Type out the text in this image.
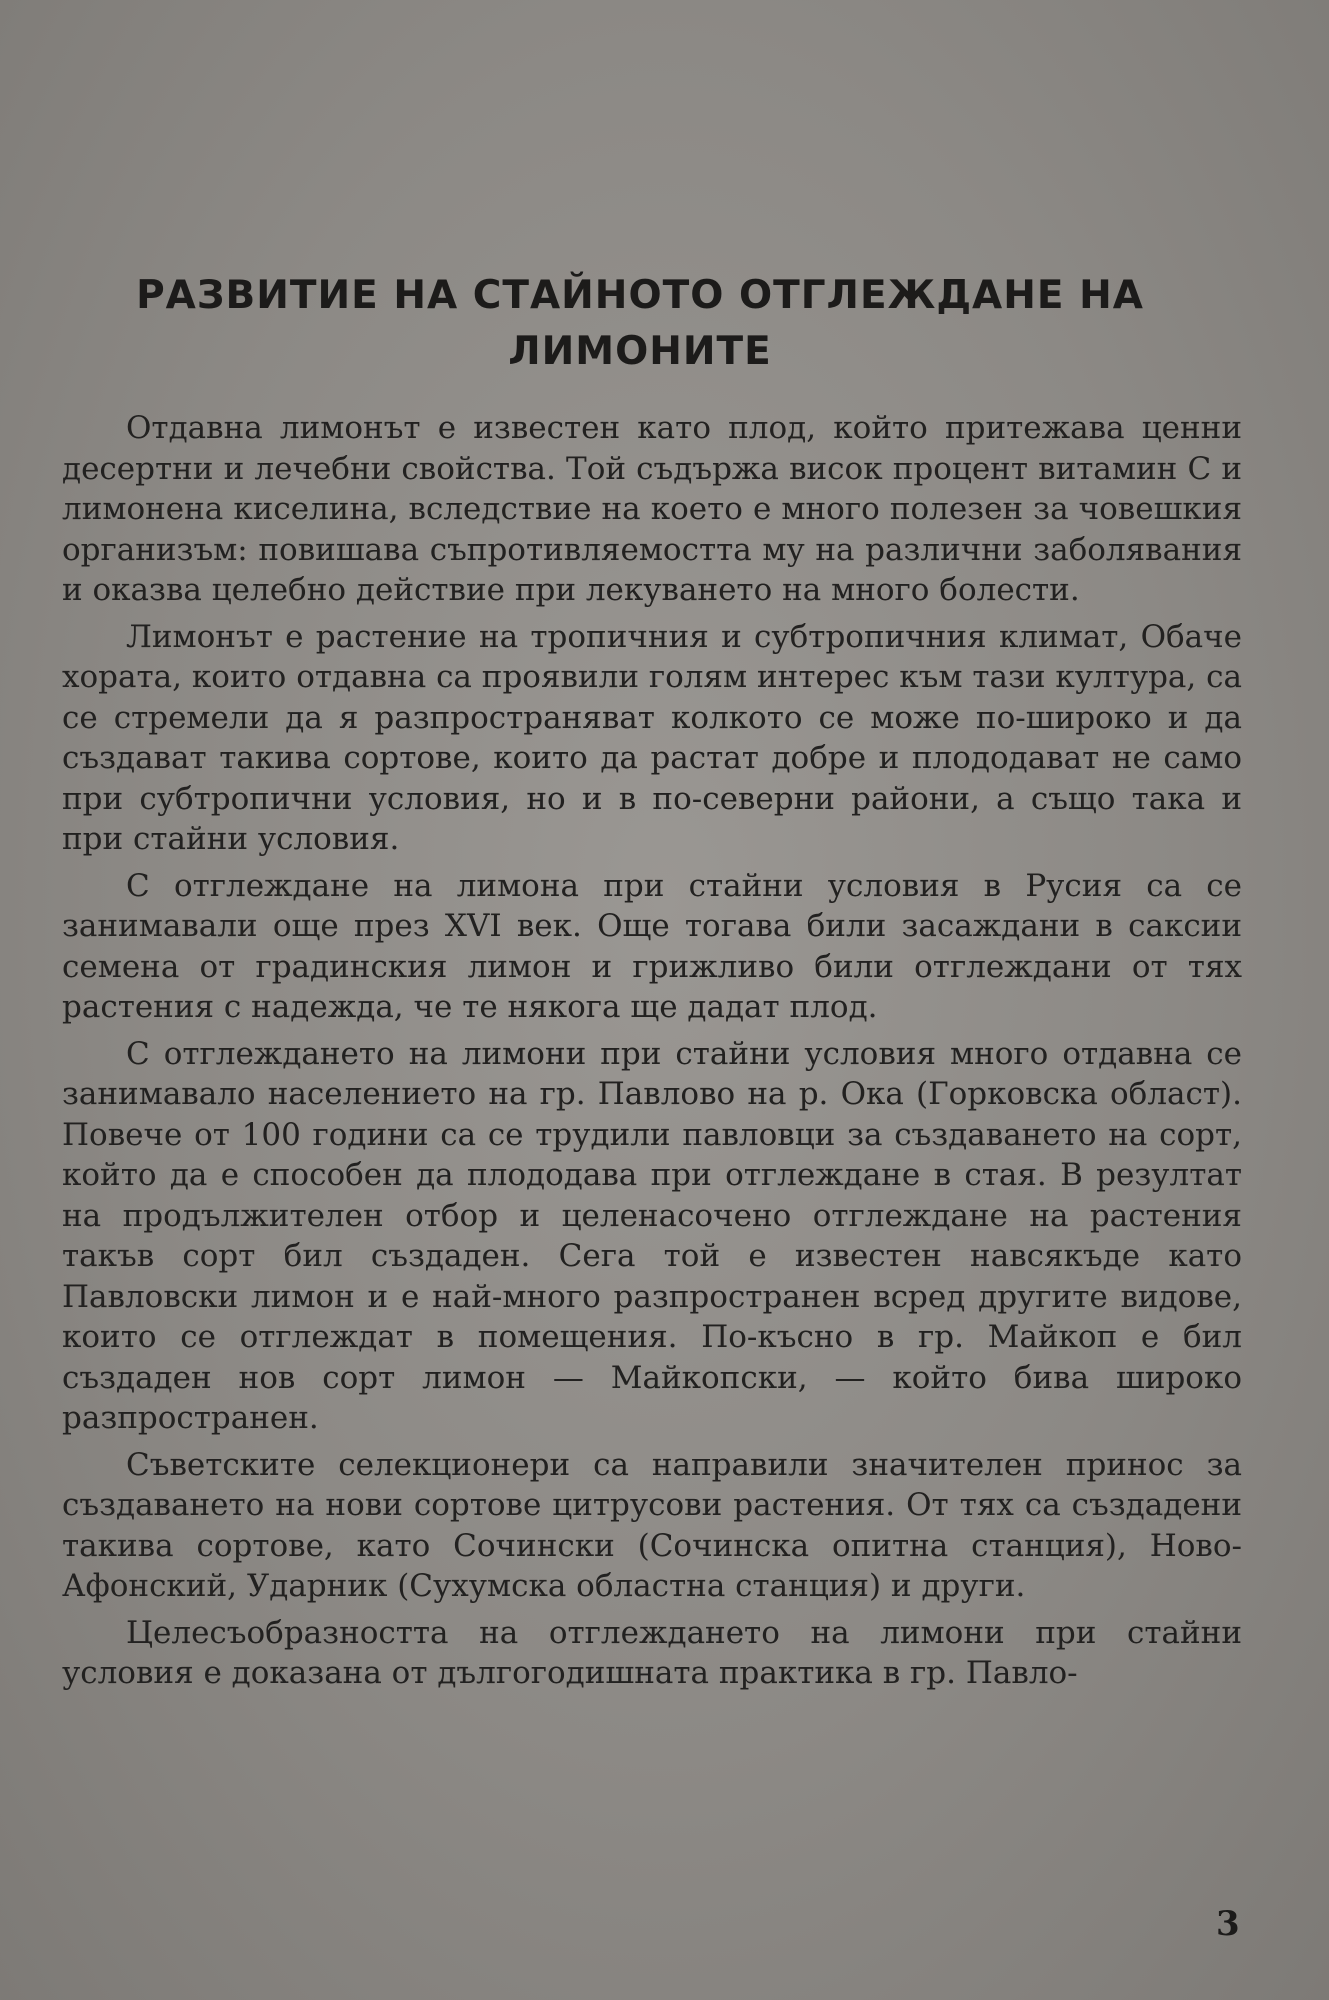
РАЗВИТИЕ НА СТАЙНОТО ОТГЛЕЖДАНЕ НА
ЛИМОНИТЕ

Отдавна лимонът е известен като плод, който притежава ценни десертни и лечебни свойства. Той съдържа висок процент витамин С и лимонена киселина, вследствие на което е много полезен за човешкия организъм: повишава съпротивляемостта му на различни заболявания и оказва целебно действие при лекуването на много болести.

Лимонът е растение на тропичния и субтропичния климат, Обаче хората, които отдавна са проявили голям интерес към тази култура, са се стремели да я разпространяват колкото се може по-широко и да създават такива сортове, които да растат добре и плододават не само при субтропични условия, но и в по-северни райони, а също така и при стайни условия.

С отглеждане на лимона при стайни условия в Русия са се занимавали още през XVI век. Още тогава били засаждани в саксии семена от градинския лимон и грижливо били отглеждани от тях растения с надежда, че те някога ще дадат плод.

С отглеждането на лимони при стайни условия много отдавна се занимавало населението на гр. Павлово на р. Ока (Горковска област). Повече от 100 години са се трудили павловци за създаването на сорт, който да е способен да плододава при отглеждане в стая. В резултат на продължителен отбор и целенасочено отглеждане на растения такъв сорт бил създаден. Сега той е известен навсякъде като Павловски лимон и е най-много разпространен всред другите видове, които се отглеждат в помещения. По-късно в гр. Майкоп е бил създаден нов сорт лимон — Майкопски, — който бива широко разпространен.

Съветските селекционери са направили значителен принос за създаването на нови сортове цитрусови растения. От тях са създадени такива сортове, като Сочински (Сочинска опитна станция), Ново-Афонский, Ударник (Сухумска областна станция) и други.

Целесъобразността на отглеждането на лимони при стайни условия е доказана от дългогодишната практика в гр. Павло-

3
